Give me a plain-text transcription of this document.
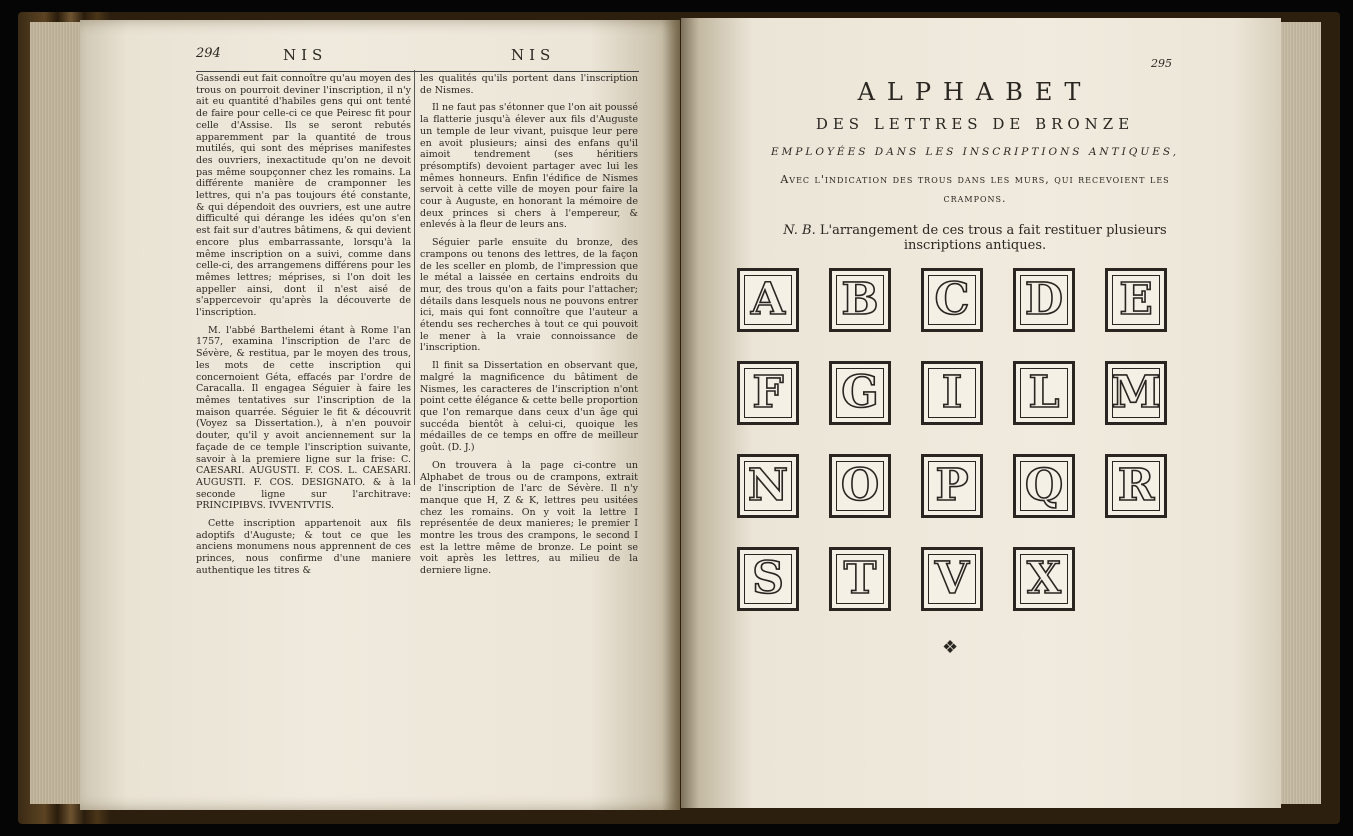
294	NIS	NIS

Gassendi eut fait connoître qu'au moyen des trous on pourroit deviner l'inscription, il n'y ait eu quantité d'habiles gens qui ont tenté de faire pour celle-ci ce que Peiresc fit pour celle d'Assise. Ils se seront rebutés apparemment par la quantité de trous mutilés, qui sont des méprises manifestes des ouvriers, inexactitude qu'on ne devoit pas même soupçonner chez les romains. La différente manière de cramponner les lettres, qui n'a pas toujours été constante, & qui dépendoit des ouvriers, est une autre difficulté qui dérange les idées qu'on s'en est fait sur d'autres bâtimens, & qui devient encore plus embarrassante, lorsqu'à la même inscription on a suivi, comme dans celle-ci, des arrangemens différens pour les mêmes lettres; méprises, si l'on doit les appeller ainsi, dont il n'est aisé de s'appercevoir qu'après la découverte de l'inscription.

M. l'abbé Barthelemi étant à Rome l'an 1757, examina l'inscription de l'arc de Sévère, & restitua, par le moyen des trous, les mots de cette inscription qui concernoient Géta, effacés par l'ordre de Caracalla. Il engagea Séguier à faire les mêmes tentatives sur l'inscription de la maison quarrée. Séguier le fit & découvrit (Voyez sa Dissertation.), à n'en pouvoir douter, qu'il y avoit anciennement sur la façade de ce temple l'inscription suivante, savoir à la premiere ligne sur la frise: C. CAESARI. AUGUSTI. F. COS. L. CAESARI. AUGUSTI. F. COS. DESIGNATO. & à la seconde ligne sur l'architrave: PRINCIPIBVS. IVVENTVTIS.

Cette inscription appartenoit aux fils adoptifs d'Auguste; & tout ce que les anciens monumens nous apprennent de ces princes, nous confirme d'une maniere authentique les titres &

les qualités qu'ils portent dans l'inscription de Nismes.

Il ne faut pas s'étonner que l'on ait poussé la flatterie jusqu'à élever aux fils d'Auguste un temple de leur vivant, puisque leur pere en avoit plusieurs; ainsi des enfans qu'il aimoit tendrement (ses héritiers présomptifs) devoient partager avec lui les mêmes honneurs. Enfin l'édifice de Nismes servoit à cette ville de moyen pour faire la cour à Auguste, en honorant la mémoire de deux princes si chers à l'empereur, & enlevés à la fleur de leurs ans.

Séguier parle ensuite du bronze, des crampons ou tenons des lettres, de la façon de les sceller en plomb, de l'impression que le métal a laissée en certains endroits du mur, des trous qu'on a faits pour l'attacher; détails dans lesquels nous ne pouvons entrer ici, mais qui font connoître que l'auteur a étendu ses recherches à tout ce qui pouvoit le mener à la vraie connoissance de l'inscription.

Il finit sa Dissertation en observant que, malgré la magnificence du bâtiment de Nismes, les caracteres de l'inscription n'ont point cette élégance & cette belle proportion que l'on remarque dans ceux d'un âge qui succéda bientôt à celui-ci, quoique les médailles de ce temps en offre de meilleur goût. (D. J.)

On trouvera à la page ci-contre un Alphabet de trous ou de crampons, extrait de l'inscription de l'arc de Sévère. Il n'y manque que H, Z & K, lettres peu usitées chez les romains. On y voit la lettre I représentée de deux manieres; le premier I montre les trous des crampons, le second I est la lettre même de bronze. Le point se voit après les lettres, au milieu de la derniere ligne.

295
ALPHABET
DES LETTRES DE BRONZE
EMPLOYÉES DANS LES INSCRIPTIONS ANTIQUES,
Avec l'indication des trous dans les murs, qui recevoient les crampons.
N. B. L'arrangement de ces trous a fait restituer plusieurs inscriptions antiques.
A B C D E
F G I L M
N O P Q R
S T V X
❖
